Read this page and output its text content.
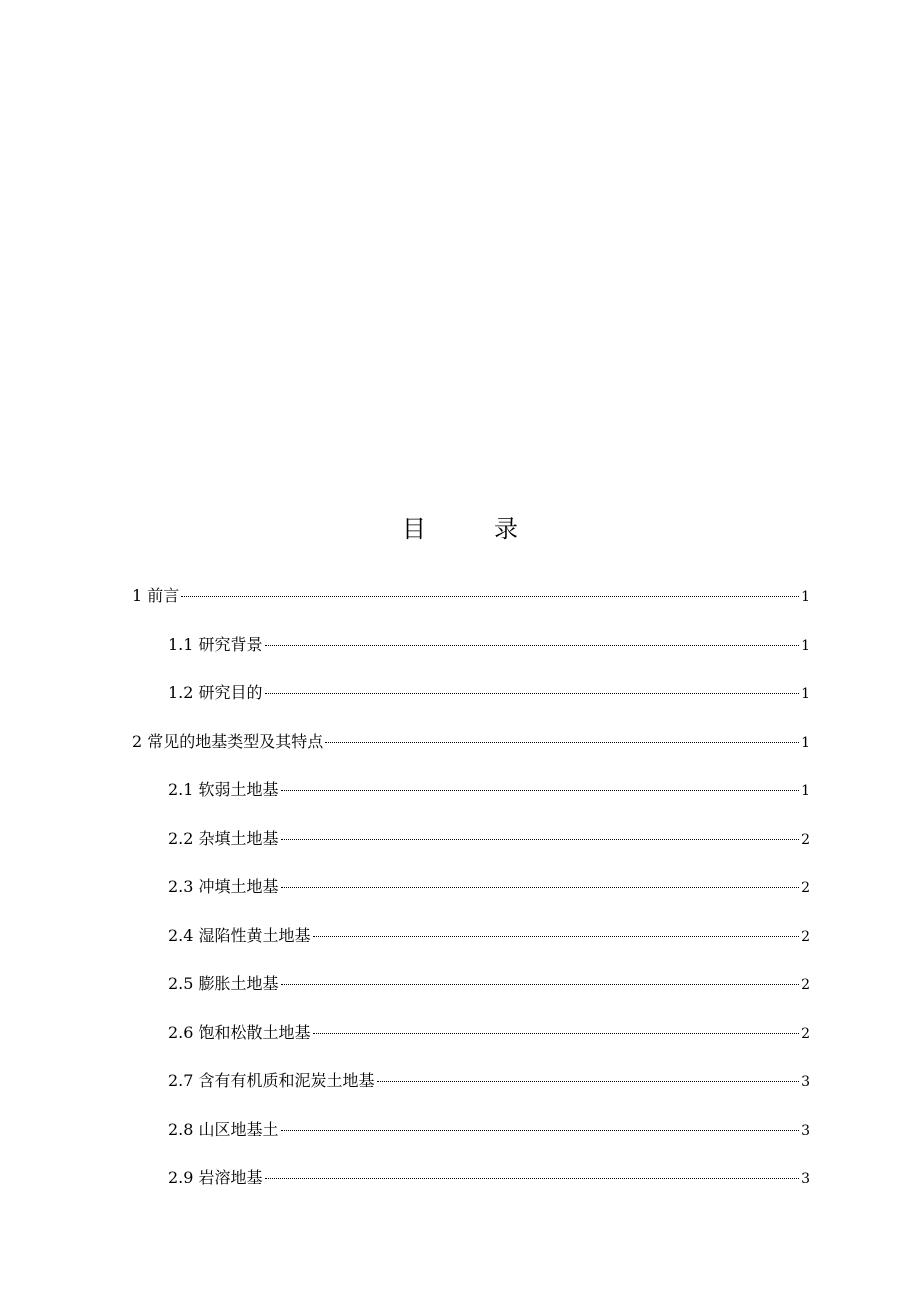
目　录
1 前言	1
1.1 研究背景	1
1.2 研究目的	1
2 常见的地基类型及其特点	1
2.1 软弱土地基	1
2.2 杂填土地基	2
2.3 冲填土地基	2
2.4 湿陷性黄土地基	2
2.5 膨胀土地基	2
2.6 饱和松散土地基	2
2.7 含有有机质和泥炭土地基	3
2.8 山区地基土	3
2.9 岩溶地基	3
